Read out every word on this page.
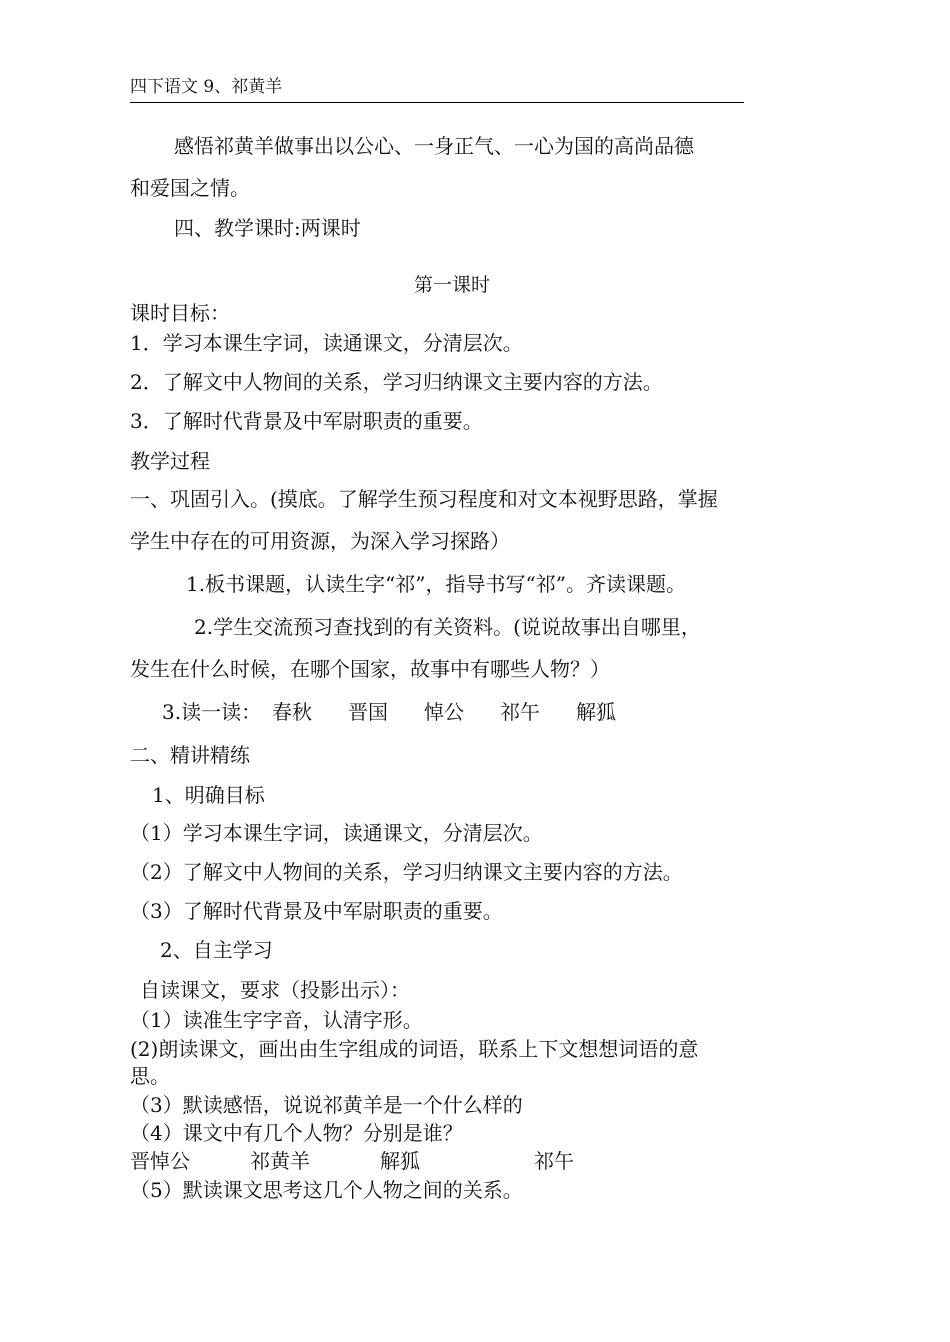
四下语文 9、祁黄羊
感悟祁黄羊做事出以公心、一身正气、一心为国的高尚品德
和爱国之情。
四、教学课时:两课时
第一课时
课时目标：
1．学习本课生字词，读通课文，分清层次。
2．了解文中人物间的关系，学习归纳课文主要内容的方法。
3．了解时代背景及中军尉职责的重要。
教学过程
一、巩固引入。(摸底。了解学生预习程度和对文本视野思路，掌握
学生中存在的可用资源，为深入学习探路）
1.板书课题，认读生字“祁”，指导书写“祁”。齐读课题。
2.学生交流预习查找到的有关资料。(说说故事出自哪里，
发生在什么时候，在哪个国家，故事中有哪些人物？）
3.读一读： 春秋 晋国 悼公 祁午 解狐
二、精讲精练
1、明确目标
（1）学习本课生字词，读通课文，分清层次。
（2）了解文中人物间的关系，学习归纳课文主要内容的方法。
（3）了解时代背景及中军尉职责的重要。
2、自主学习
自读课文，要求（投影出示）：
（1）读准生字字音，认清字形。
(2)朗读课文，画出由生字组成的词语，联系上下文想想词语的意
思。
（3）默读感悟，说说祁黄羊是一个什么样的
（4）课文中有几个人物？分别是谁？
晋悼公	祁黄羊	解狐	祁午
（5）默读课文思考这几个人物之间的关系。
